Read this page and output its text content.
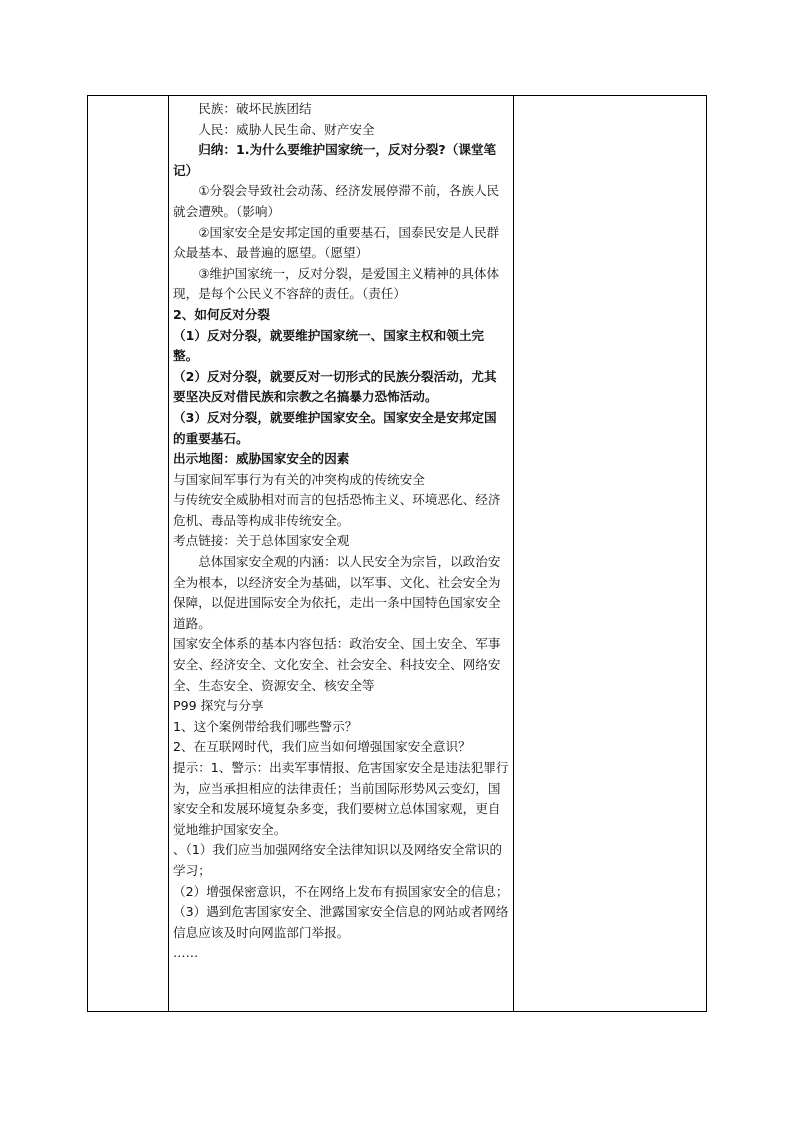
民族：破坏民族团结

人民：威胁人民生命、财产安全

归纳：1.为什么要维护国家统一，反对分裂?（课堂笔记）

①分裂会导致社会动荡、经济发展停滞不前，各族人民就会遭殃。（影响）

②国家安全是安邦定国的重要基石，国泰民安是人民群众最基本、最普遍的愿望。（愿望）

③维护国家统一，反对分裂，是爱国主义精神的具体体现，是每个公民义不容辞的责任。（责任）

2、如何反对分裂

（1）反对分裂，就要维护国家统一、国家主权和领土完整。

（2）反对分裂，就要反对一切形式的民族分裂活动，尤其要坚决反对借民族和宗教之名搞暴力恐怖活动。

（3）反对分裂，就要维护国家安全。国家安全是安邦定国的重要基石。

出示地图：威胁国家安全的因素

与国家间军事行为有关的冲突构成的传统安全

与传统安全威胁相对而言的包括恐怖主义、环境恶化、经济危机、毒品等构成非传统安全。

考点链接：关于总体国家安全观

总体国家安全观的内涵：以人民安全为宗旨，以政治安全为根本，以经济安全为基础，以军事、文化、社会安全为保障，以促进国际安全为依托，走出一条中国特色国家安全道路。

国家安全体系的基本内容包括：政治安全、国土安全、军事安全、经济安全、文化安全、社会安全、科技安全、网络安全、生态安全、资源安全、核安全等

P99 探究与分享

1、这个案例带给我们哪些警示？

2、在互联网时代，我们应当如何增强国家安全意识？

提示：1、警示：出卖军事情报、危害国家安全是违法犯罪行为，应当承担相应的法律责任；当前国际形势风云变幻，国家安全和发展环境复杂多变，我们要树立总体国家观，更自觉地维护国家安全。

、（1）我们应当加强网络安全法律知识以及网络安全常识的学习；

（2）增强保密意识，不在网络上发布有损国家安全的信息；

（3）遇到危害国家安全、泄露国家安全信息的网站或者网络信息应该及时向网监部门举报。

……
